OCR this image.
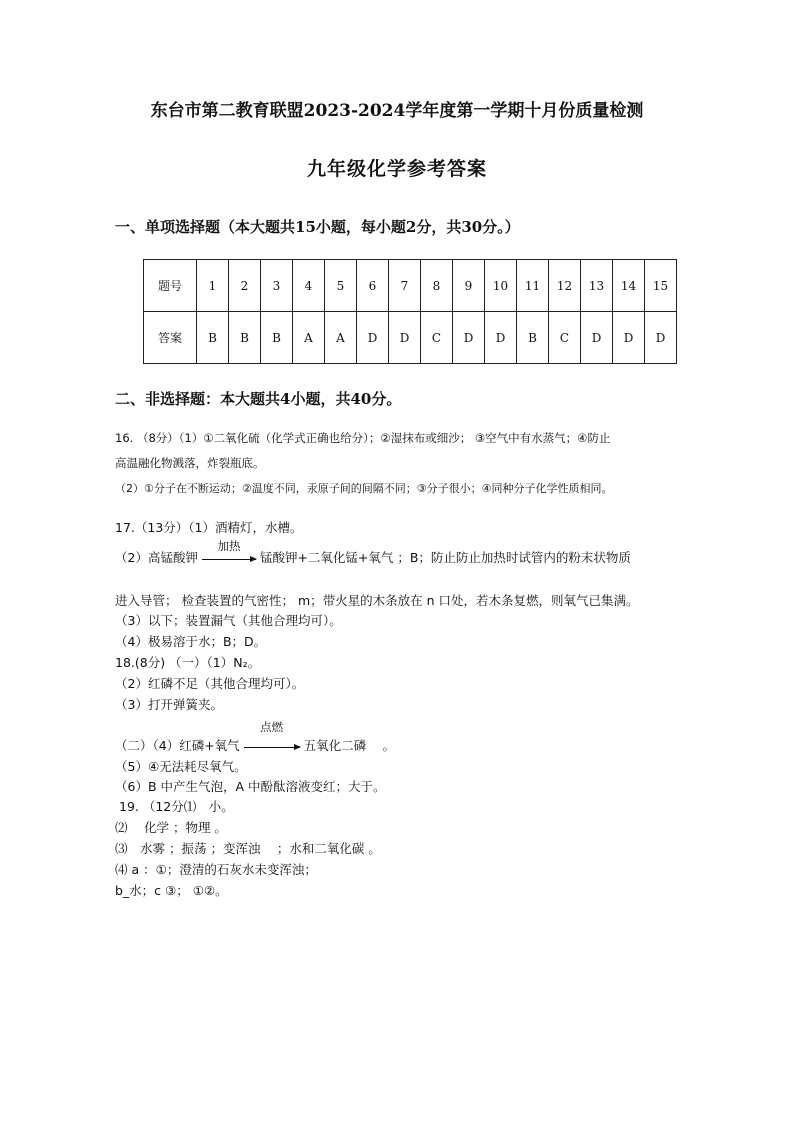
东台市第二教育联盟2023-2024学年度第一学期十月份质量检测
九年级化学参考答案
一、单项选择题（本大题共15小题，每小题2分，共30分。）
题号	1	2	3	4	5	6	7	8	9	10	11	12	13	14	15
答案	B	B	B	A	A	D	D	C	D	D	B	C	D	D	D
二、非选择题：本大题共4小题，共40分。
16. （8分）（1）①二氧化硫（化学式正确也给分）；②湿抹布或细沙； ③空气中有水蒸气；④防止
高温融化物溅落，炸裂瓶底。
（2）①分子在不断运动；②温度不同，汞原子间的间隔不同；③分子很小；④同种分子化学性质相同。
17.（13分）（1）酒精灯，水槽。
（2）高锰酸钾
加热
锰酸钾+二氧化锰+氧气 ；B；防止防止加热时试管内的粉末状物质
进入导管； 检查装置的气密性； m；带火星的木条放在 n 口处，若木条复燃，则氧气已集满。
（3）以下；装置漏气（其他合理均可）。
（4）极易溶于水；B；D。
18.(8分) （一）（1）N₂。
（2）红磷不足（其他合理均可）。
（3）打开弹簧夹。
（二）（4）红磷+氧气
点燃
五氧化二磷　 。
（5）④无法耗尽氧气。
（6）B 中产生气泡，A 中酚酞溶液变红；大于。
19. （12分⑴　小。
⑵　 化学 ；物理 。
⑶　水雾 ；振荡 ；变浑浊 　；水和二氧化碳 。
⑷ a ：①；澄清的石灰水未变浑浊；
b_水；c ③； ①②。
